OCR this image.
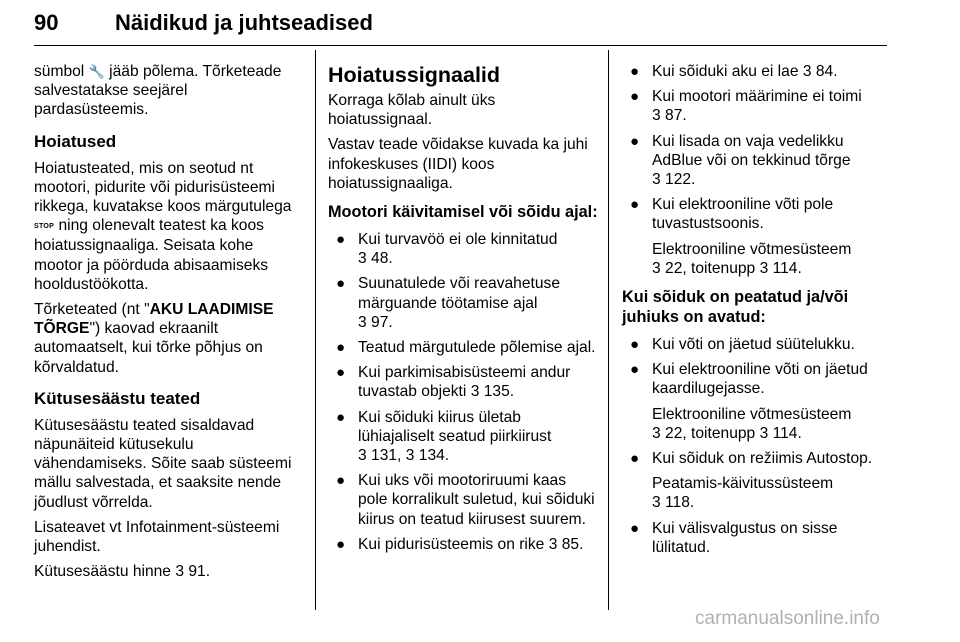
90	Näidikud ja juhtseadised

sümbol 🔧 jääb põlema. Tõrketeade salvestatakse seejärel pardasüsteemis.

Hoiatused

Hoiatusteated, mis on seotud nt mootori, pidurite või pidurisüsteemi rikkega, kuvatakse koos märgutulega STOP ning olenevalt teatest ka koos hoiatussignaaliga. Seisata kohe mootor ja pöörduda abisaamiseks hooldustöökotta.

Tõrketeated (nt "AKU LAADIMISE TÕRGE") kaovad ekraanilt automaatselt, kui tõrke põhjus on kõrvaldatud.

Kütusesäästu teated

Kütusesäästu teated sisaldavad näpunäiteid kütusekulu vähendamiseks. Sõite saab süsteemi mällu salvestada, et saaksite nende jõudlust võrrelda.

Lisateavet vt Infotainment-süsteemi juhendist.

Kütusesäästu hinne 3 91.

Hoiatussignaalid

Korraga kõlab ainult üks hoiatussignaal.

Vastav teade võidakse kuvada ka juhi infokeskuses (IIDI) koos hoiatussignaaliga.

Mootori käivitamisel või sõidu ajal:
● Kui turvavöö ei ole kinnitatud
3 48.
● Suunatulede või reavahetuse märguande töötamise ajal
3 97.
● Teatud märgutulede põlemise ajal.
● Kui parkimisabisüsteemi andur tuvastab objekti 3 135.
● Kui sõiduki kiirus ületab lühiajaliselt seatud piirkiirust
3 131, 3 134.
● Kui uks või mootoriruumi kaas pole korralikult suletud, kui sõiduki kiirus on teatud kiirusest suurem.
● Kui pidurisüsteemis on rike 3 85.
● Kui sõiduki aku ei lae 3 84.
● Kui mootori määrimine ei toimi
3 87.
● Kui lisada on vaja vedelikku AdBlue või on tekkinud tõrge
3 122.
● Kui elektrooniline võti pole tuvastustsoonis.

Elektrooniline võtmesüsteem
3 22, toitenupp 3 114.

Kui sõiduk on peatatud ja/või juhiuks on avatud:
● Kui võti on jäetud süütelukku.
● Kui elektrooniline võti on jäetud kaardilugejasse.

Elektrooniline võtmesüsteem
3 22, toitenupp 3 114.

● Kui sõiduk on režiimis Autostop.

Peatamis-käivitussüsteem
3 118.

● Kui välisvalgustus on sisse lülitatud.
carmanualsonline.info
